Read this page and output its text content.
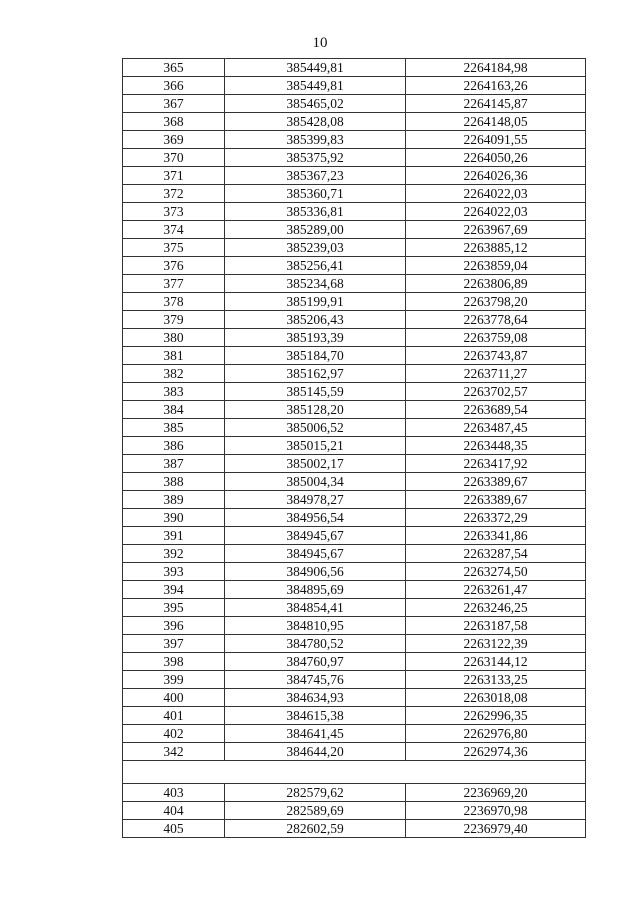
10
365	385449,81	2264184,98
366	385449,81	2264163,26
367	385465,02	2264145,87
368	385428,08	2264148,05
369	385399,83	2264091,55
370	385375,92	2264050,26
371	385367,23	2264026,36
372	385360,71	2264022,03
373	385336,81	2264022,03
374	385289,00	2263967,69
375	385239,03	2263885,12
376	385256,41	2263859,04
377	385234,68	2263806,89
378	385199,91	2263798,20
379	385206,43	2263778,64
380	385193,39	2263759,08
381	385184,70	2263743,87
382	385162,97	2263711,27
383	385145,59	2263702,57
384	385128,20	2263689,54
385	385006,52	2263487,45
386	385015,21	2263448,35
387	385002,17	2263417,92
388	385004,34	2263389,67
389	384978,27	2263389,67
390	384956,54	2263372,29
391	384945,67	2263341,86
392	384945,67	2263287,54
393	384906,56	2263274,50
394	384895,69	2263261,47
395	384854,41	2263246,25
396	384810,95	2263187,58
397	384780,52	2263122,39
398	384760,97	2263144,12
399	384745,76	2263133,25
400	384634,93	2263018,08
401	384615,38	2262996,35
402	384641,45	2262976,80
342	384644,20	2262974,36

403	282579,62	2236969,20
404	282589,69	2236970,98
405	282602,59	2236979,40
